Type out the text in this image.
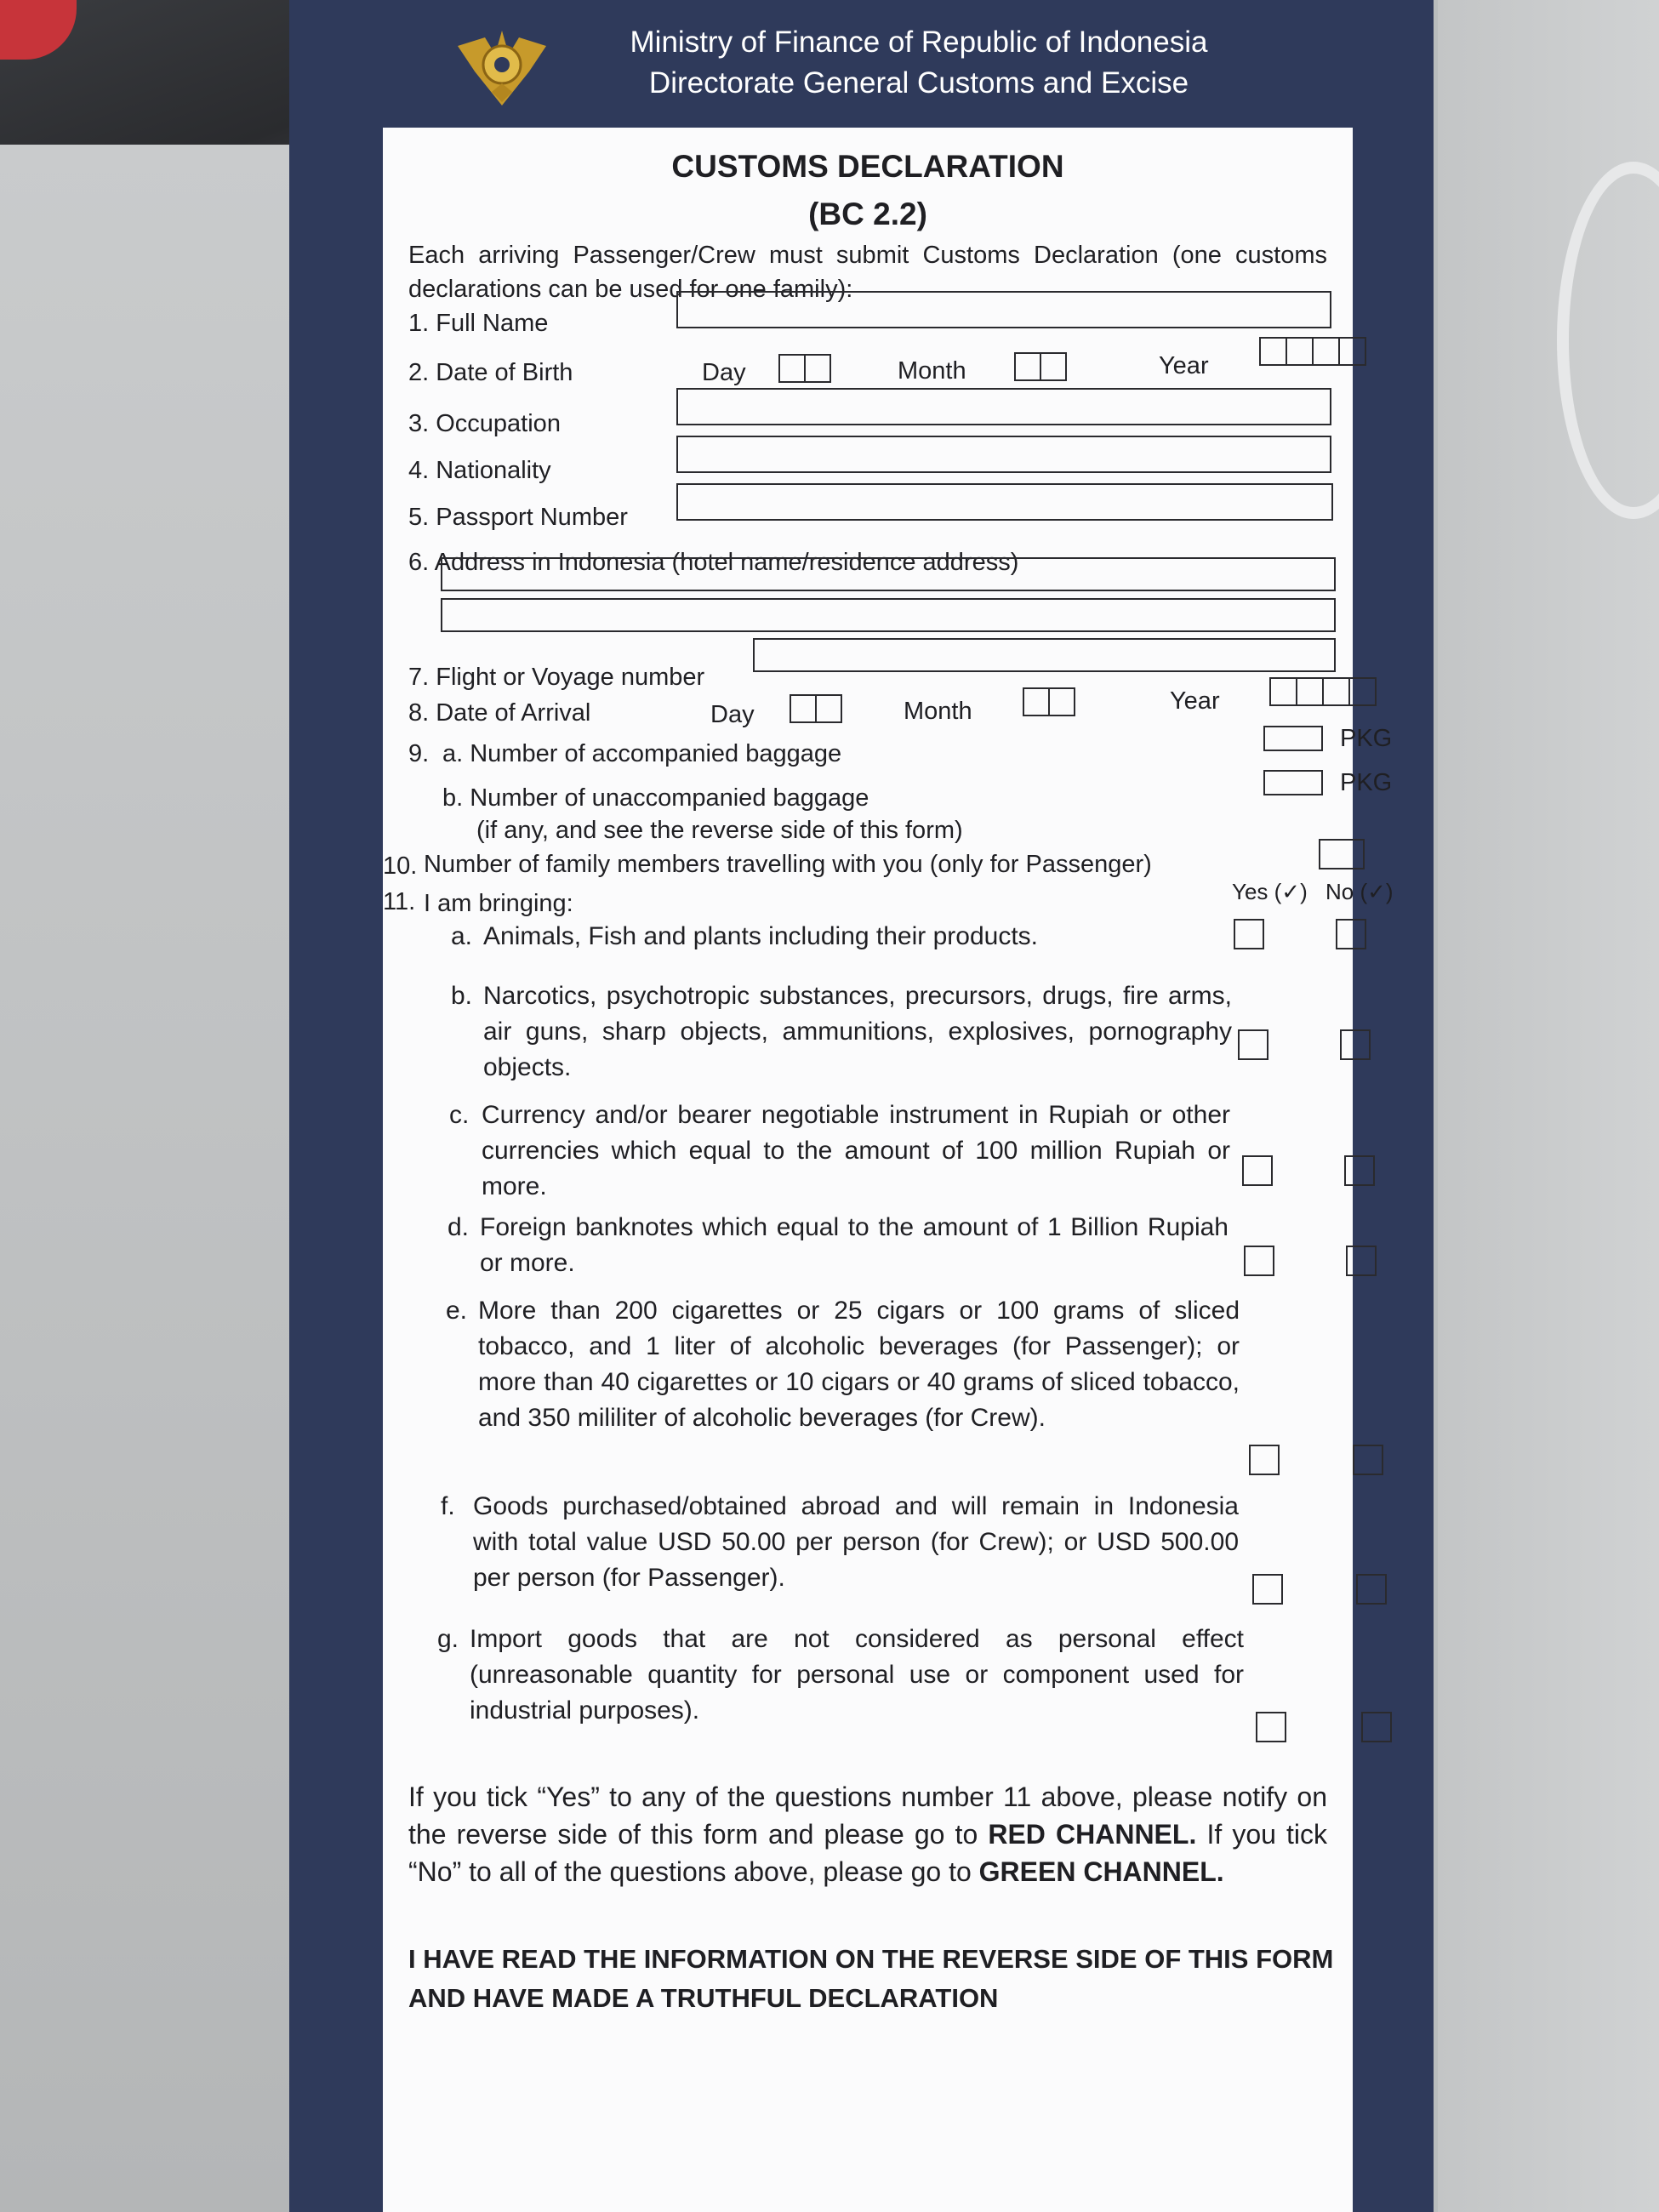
Ministry of Finance of Republic of Indonesia
Directorate General Customs and Excise
CUSTOMS DECLARATION
(BC 2.2)
Each arriving Passenger/Crew must submit Customs Declaration (one customs declarations can be used for one family):
1. Full Name
2. Date of Birth	Day	Month	Year
3. Occupation
4. Nationality
5. Passport Number
6. Address in Indonesia (hotel name/residence address)
7. Flight or Voyage number
8. Date of Arrival	Day	Month	Year
9. a. Number of accompanied baggage
PKG
b. Number of unaccompanied baggage
PKG
(if any, and see the reverse side of this form)
10. Number of family members travelling with you (only for Passenger)
11. I am bringing:	Yes (✓) No (✓)
a. Animals, Fish and plants including their products.
b. Narcotics, psychotropic substances, precursors, drugs, fire arms, air guns, sharp objects, ammunitions, explosives, pornography objects.
c. Currency and/or bearer negotiable instrument in Rupiah or other currencies which equal to the amount of 100 million Rupiah or more.
d. Foreign banknotes which equal to the amount of 1 Billion Rupiah or more.
e. More than 200 cigarettes or 25 cigars or 100 grams of sliced tobacco, and 1 liter of alcoholic beverages (for Passenger); or more than 40 cigarettes or 10 cigars or 40 grams of sliced tobacco, and 350 mililiter of alcoholic beverages (for Crew).
f. Goods purchased/obtained abroad and will remain in Indonesia with total value USD 50.00 per person (for Crew); or USD 500.00 per person (for Passenger).
g. Import goods that are not considered as personal effect (unreasonable quantity for personal use or component used for industrial purposes).
If you tick “Yes” to any of the questions number 11 above, please notify on the reverse side of this form and please go to RED CHANNEL. If you tick “No” to all of the questions above, please go to GREEN CHANNEL.
I HAVE READ THE INFORMATION ON THE REVERSE SIDE OF THIS FORM AND HAVE MADE A TRUTHFUL DECLARATION
